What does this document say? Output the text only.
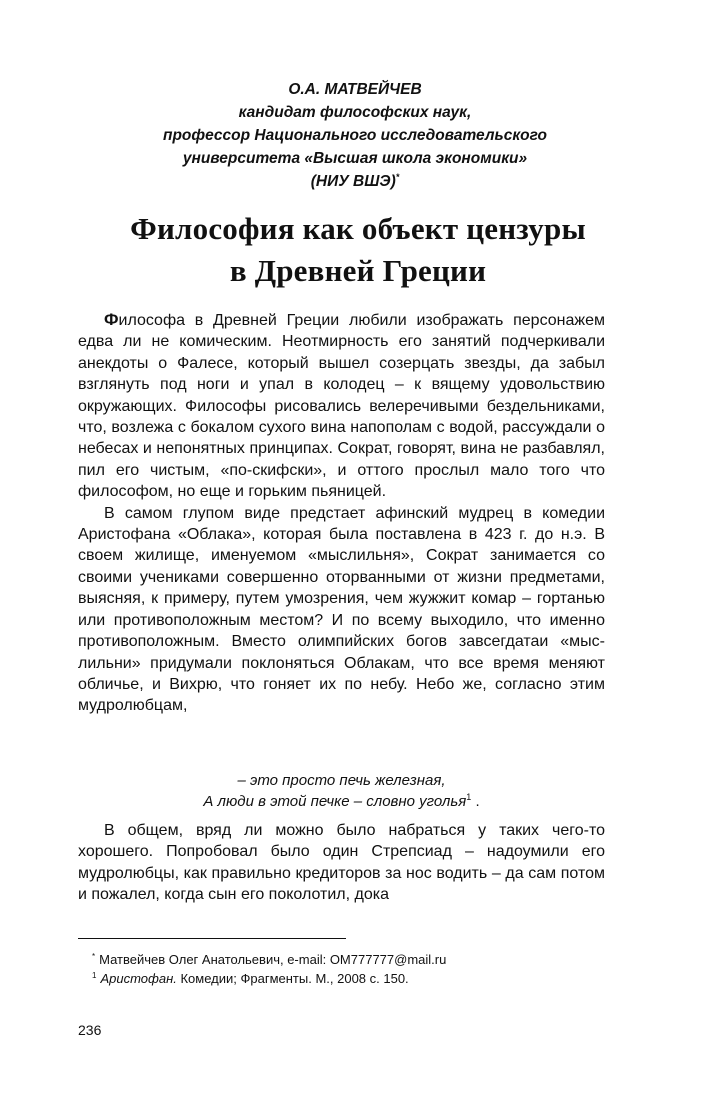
О.А. МАТВЕЙЧЕВ
кандидат философских наук,
профессор Национального исследовательского
университета «Высшая школа экономики»
(НИУ ВШЭ)*
Философия как объект цензуры
в Древней Греции

Философа в Древней Греции любили изображать персонажем едва ли не комическим. Неотмирность его занятий подчеркивали анекдоты о Фалесе, который вышел созерцать звезды, да забыл взглянуть под ноги и упал в колодец – к вящему удовольствию окружающих. Философы рисовались велеречивыми бездельниками, что, возлежа с бокалом сухого вина напополам с водой, рассуждали о небесах и непонятных принципах. Сократ, говорят, вина не разбавлял, пил его чистым, «по-скифски», и оттого прослыл мало того что философом, но еще и горьким пьяницей.

В самом глупом виде предстает афинский мудрец в комедии Аристофана «Облака», которая была поставлена в 423 г. до н.э. В своем жилище, именуемом «мыслильня», Сократ занимается со своими учениками совершенно оторванными от жизни предметами, выясняя, к примеру, путем умозрения, чем жужжит комар – гортанью или противоположным местом? И по всему выходило, что именно противоположным. Вместо олимпийских богов завсегдатаи «мыслильни» придумали поклоняться Облакам, что все время меняют обличье, и Вихрю, что гоняет их по небу. Небо же, согласно этим мудролюбцам,

– это просто печь железная,
А люди в этой печке – словно уголья$^1$ .

В общем, вряд ли можно было набраться у таких чего-то хорошего. Попробовал было один Стрепсиад – надоумили его мудролюбцы, как правильно кредиторов за нос водить – да сам потом и пожалел, когда сын его поколотил, дока

* Матвейчев Олег Анатольевич, e-mail: OM777777@mail.ru
$^1$ Аристофан. Комедии; Фрагменты. М., 2008 с. 150.
236
